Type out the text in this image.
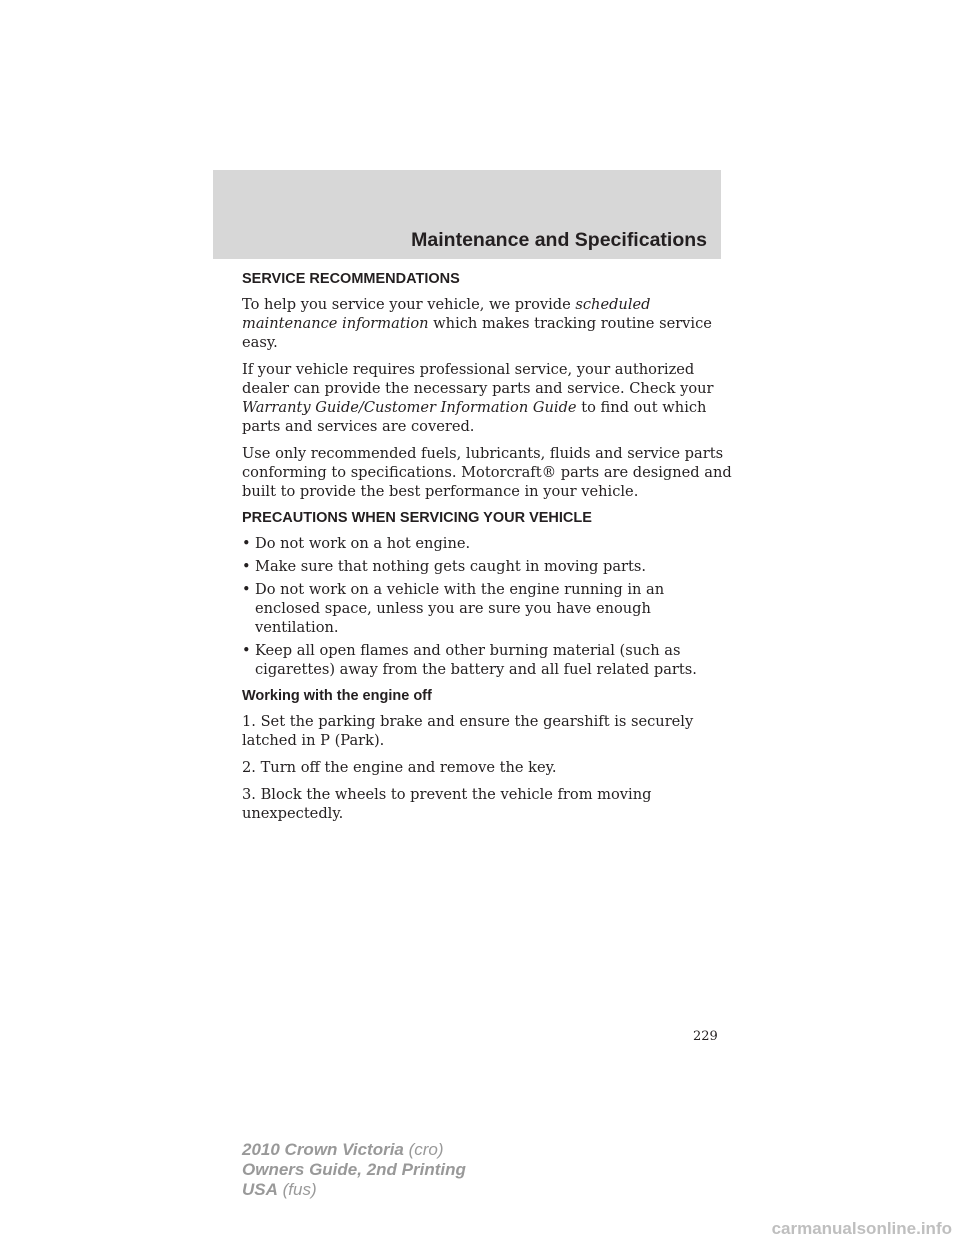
Maintenance and Specifications
SERVICE RECOMMENDATIONS

To help you service your vehicle, we provide scheduled maintenance information which makes tracking routine service easy.

If your vehicle requires professional service, your authorized dealer can provide the necessary parts and service. Check your Warranty Guide/Customer Information Guide to find out which parts and services are covered.

Use only recommended fuels, lubricants, fluids and service parts conforming to specifications. Motorcraft® parts are designed and built to provide the best performance in your vehicle.

PRECAUTIONS WHEN SERVICING YOUR VEHICLE
• Do not work on a hot engine.
• Make sure that nothing gets caught in moving parts.
• Do not work on a vehicle with the engine running in an enclosed space, unless you are sure you have enough ventilation.
• Keep all open flames and other burning material (such as cigarettes) away from the battery and all fuel related parts.
Working with the engine off

1. Set the parking brake and ensure the gearshift is securely latched in P (Park).

2. Turn off the engine and remove the key.

3. Block the wheels to prevent the vehicle from moving unexpectedly.

229
2010 Crown Victoria (cro)
Owners Guide, 2nd Printing
USA (fus)
carmanualsonline.info
